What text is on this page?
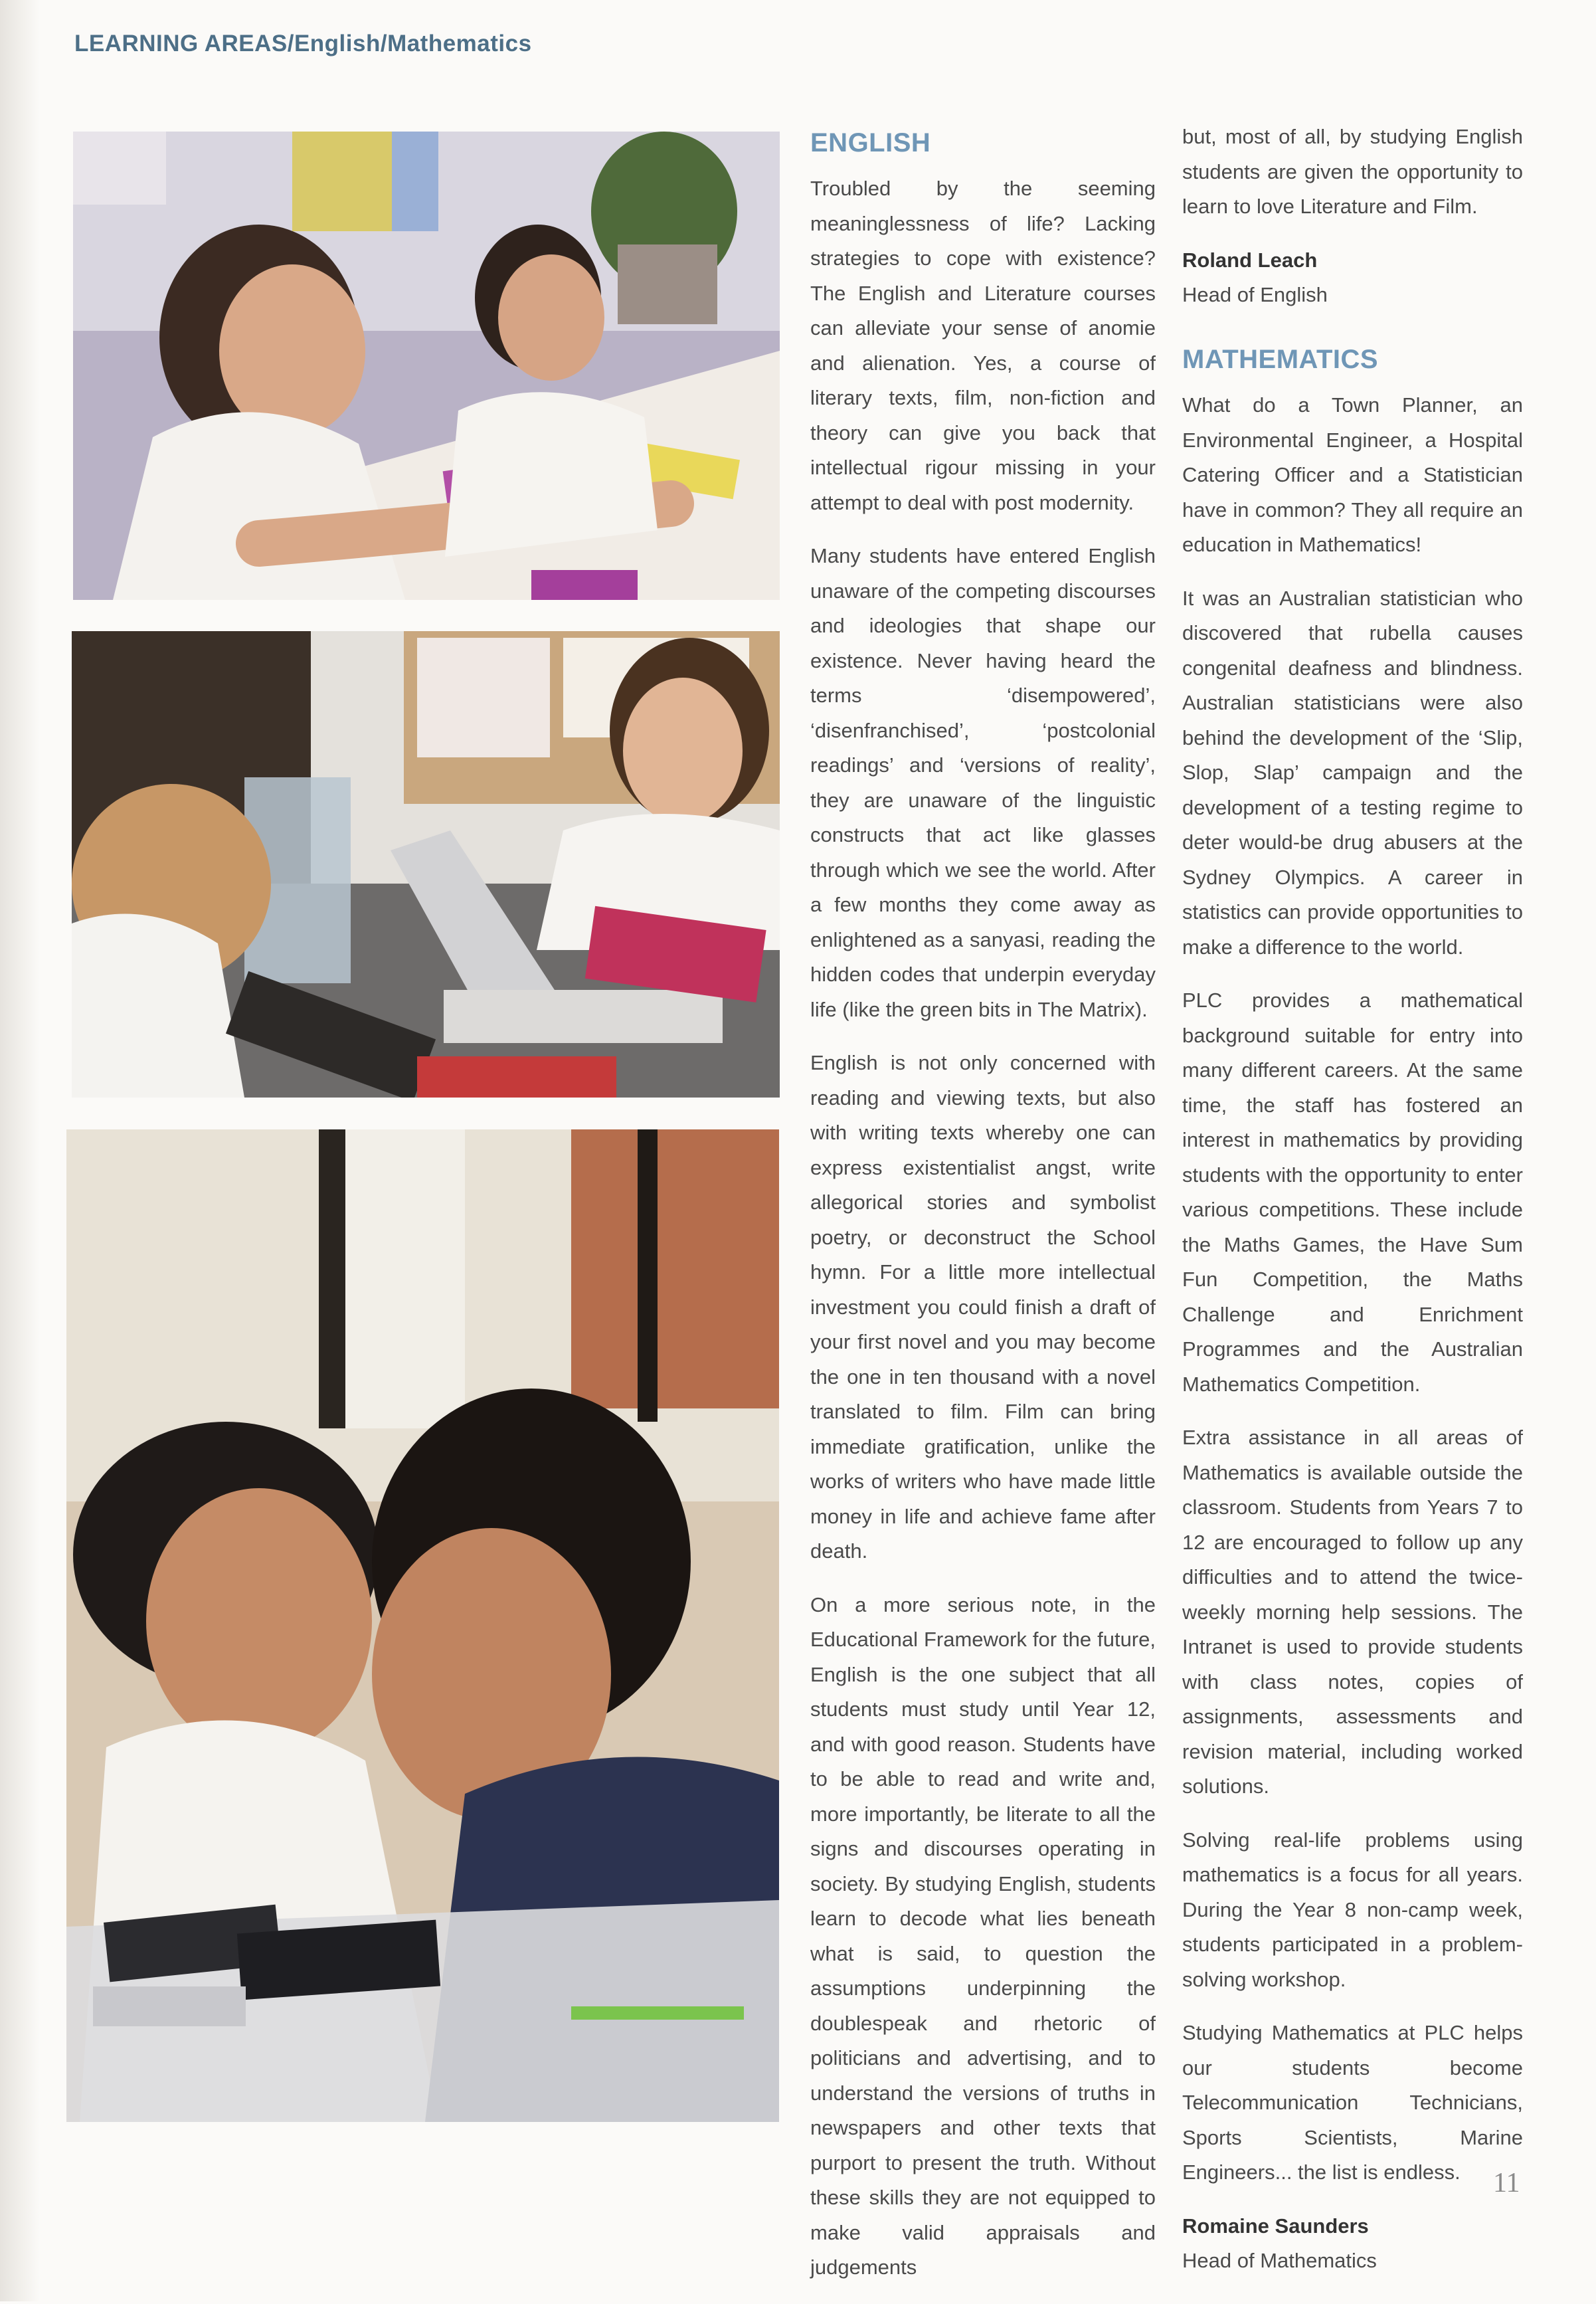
LEARNING AREAS/English/Mathematics
ENGLISH

Troubled by the seeming meaninglessness of life? Lacking strategies to cope with existence? The English and Literature courses can alleviate your sense of anomie and alienation. Yes, a course of literary texts, film, non-fiction and theory can give you back that intellectual rigour missing in your attempt to deal with post modernity.

Many students have entered English unaware of the competing discourses and ideologies that shape our existence. Never having heard the terms ‘disempowered’, ‘disenfranchised’, ‘postcolonial readings’ and ‘versions of reality’, they are unaware of the linguistic constructs that act like glasses through which we see the world. After a few months they come away as enlightened as a sanyasi, reading the hidden codes that underpin everyday life (like the green bits in The Matrix).

English is not only concerned with reading and viewing texts, but also with writing texts whereby one can express existentialist angst, write allegorical stories and symbolist poetry, or deconstruct the School hymn. For a little more intellectual investment you could finish a draft of your first novel and you may become the one in ten thousand with a novel translated to film. Film can bring immediate gratification, unlike the works of writers who have made little money in life and achieve fame after death.

On a more serious note, in the Educational Framework for the future, English is the one subject that all students must study until Year 12, and with good reason. Students have to be able to read and write and, more importantly, be literate to all the signs and discourses operating in society. By studying English, students learn to decode what lies beneath what is said, to question the assumptions underpinning the doublespeak and rhetoric of politicians and advertising, and to understand the versions of truths in newspapers and other texts that purport to present the truth. Without these skills they are not equipped to make valid appraisals and judgements

but, most of all, by studying English students are given the opportunity to learn to love Literature and Film.

Roland Leach

Head of English

MATHEMATICS

What do a Town Planner, an Environmental Engineer, a Hospital Catering Officer and a Statistician have in common? They all require an education in Mathematics!

It was an Australian statistician who discovered that rubella causes congenital deafness and blindness. Australian statisticians were also behind the development of the ‘Slip, Slop, Slap’ campaign and the development of a testing regime to deter would-be drug abusers at the Sydney Olympics. A career in statistics can provide opportunities to make a difference to the world.

PLC provides a mathematical background suitable for entry into many different careers. At the same time, the staff has fostered an interest in mathematics by providing students with the opportunity to enter various competitions. These include the Maths Games, the Have Sum Fun Competition, the Maths Challenge and Enrichment Programmes and the Australian Mathematics Competition.

Extra assistance in all areas of Mathematics is available outside the classroom. Students from Years 7 to 12 are encouraged to follow up any difficulties and to attend the twice-weekly morning help sessions. The Intranet is used to provide students with class notes, copies of assignments, assessments and revision material, including worked solutions.

Solving real-life problems using mathematics is a focus for all years. During the Year 8 non-camp week, students participated in a problem-solving workshop.

Studying Mathematics at PLC helps our students become Telecommunication Technicians, Sports Scientists, Marine Engineers... the list is endless.

Romaine Saunders

Head of Mathematics

11
